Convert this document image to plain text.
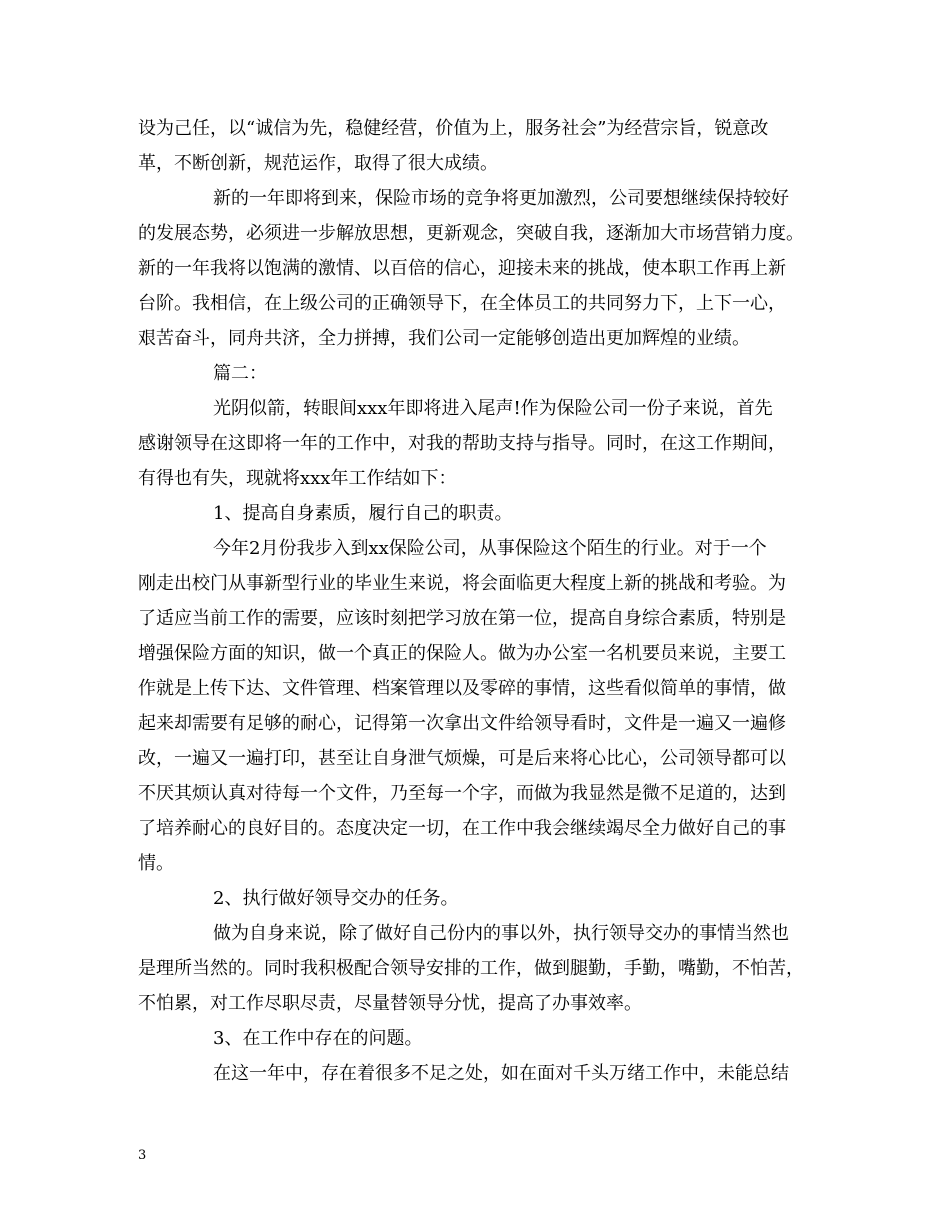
设为己任，以“诚信为先，稳健经营，价值为上，服务社会”为经营宗旨，锐意改
革，不断创新，规范运作，取得了很大成绩。
新的一年即将到来，保险市场的竞争将更加激烈，公司要想继续保持较好
的发展态势，必须进一步解放思想，更新观念，突破自我，逐渐加大市场营销力度。
新的一年我将以饱满的激情、以百倍的信心，迎接未来的挑战，使本职工作再上新
台阶。我相信，在上级公司的正确领导下，在全体员工的共同努力下，上下一心，
艰苦奋斗，同舟共济，全力拼搏，我们公司一定能够创造出更加辉煌的业绩。
篇二：
光阴似箭，转眼间xxx年即将进入尾声!作为保险公司一份子来说，首先
感谢领导在这即将一年的工作中，对我的帮助支持与指导。同时，在这工作期间，
有得也有失，现就将xxx年工作结如下：
1、提高自身素质，履行自己的职责。
今年2月份我步入到xx保险公司，从事保险这个陌生的行业。对于一个
刚走出校门从事新型行业的毕业生来说，将会面临更大程度上新的挑战和考验。为
了适应当前工作的需要，应该时刻把学习放在第一位，提高自身综合素质，特别是
增强保险方面的知识，做一个真正的保险人。做为办公室一名机要员来说，主要工
作就是上传下达、文件管理、档案管理以及零碎的事情，这些看似简单的事情，做
起来却需要有足够的耐心，记得第一次拿出文件给领导看时，文件是一遍又一遍修
改，一遍又一遍打印，甚至让自身泄气烦燥，可是后来将心比心，公司领导都可以
不厌其烦认真对待每一个文件，乃至每一个字，而做为我显然是微不足道的，达到
了培养耐心的良好目的。态度决定一切，在工作中我会继续竭尽全力做好自己的事
情。
2、执行做好领导交办的任务。
做为自身来说，除了做好自己份内的事以外，执行领导交办的事情当然也
是理所当然的。同时我积极配合领导安排的工作，做到腿勤，手勤，嘴勤，不怕苦，
不怕累，对工作尽职尽责，尽量替领导分忧，提高了办事效率。
3、在工作中存在的问题。
在这一年中，存在着很多不足之处，如在面对千头万绪工作中，未能总结
3
